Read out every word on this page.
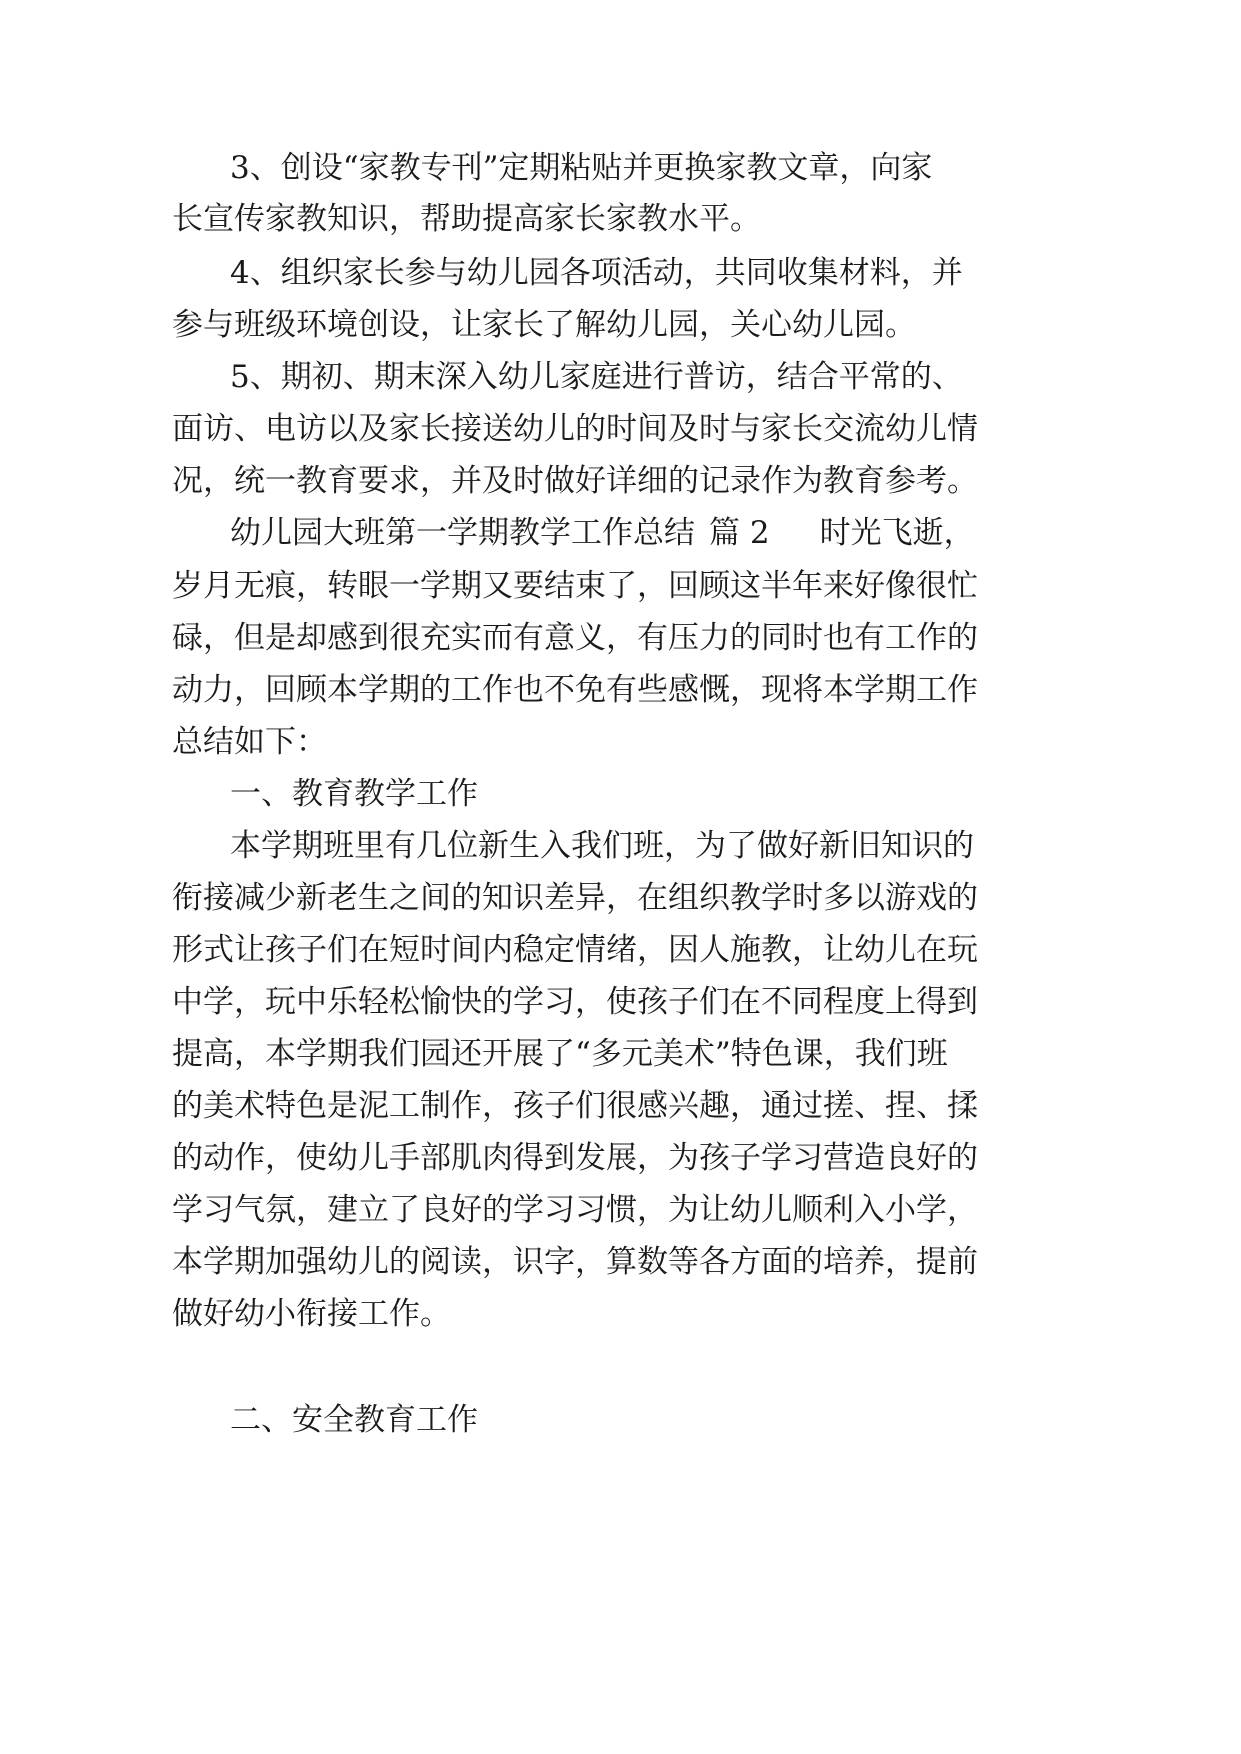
3、创设“家教专刊”定期粘贴并更换家教文章，向家

长宣传家教知识，帮助提高家长家教水平。

4、组织家长参与幼儿园各项活动，共同收集材料，并

参与班级环境创设，让家长了解幼儿园，关心幼儿园。

5、期初、期末深入幼儿家庭进行普访，结合平常的、

面访、电访以及家长接送幼儿的时间及时与家长交流幼儿情

况，统一教育要求，并及时做好详细的记录作为教育参考。

幼儿园大班第一学期教学工作总结 篇 2 时光飞逝，

岁月无痕，转眼一学期又要结束了，回顾这半年来好像很忙

碌，但是却感到很充实而有意义，有压力的同时也有工作的

动力，回顾本学期的工作也不免有些感慨，现将本学期工作

总结如下：

一、教育教学工作

本学期班里有几位新生入我们班，为了做好新旧知识的

衔接减少新老生之间的知识差异，在组织教学时多以游戏的

形式让孩子们在短时间内稳定情绪，因人施教，让幼儿在玩

中学，玩中乐轻松愉快的学习，使孩子们在不同程度上得到

提高，本学期我们园还开展了“多元美术”特色课，我们班

的美术特色是泥工制作，孩子们很感兴趣，通过搓、捏、揉

的动作，使幼儿手部肌肉得到发展，为孩子学习营造良好的

学习气氛，建立了良好的学习习惯，为让幼儿顺利入小学，

本学期加强幼儿的阅读，识字，算数等各方面的培养，提前

做好幼小衔接工作。

二、安全教育工作
